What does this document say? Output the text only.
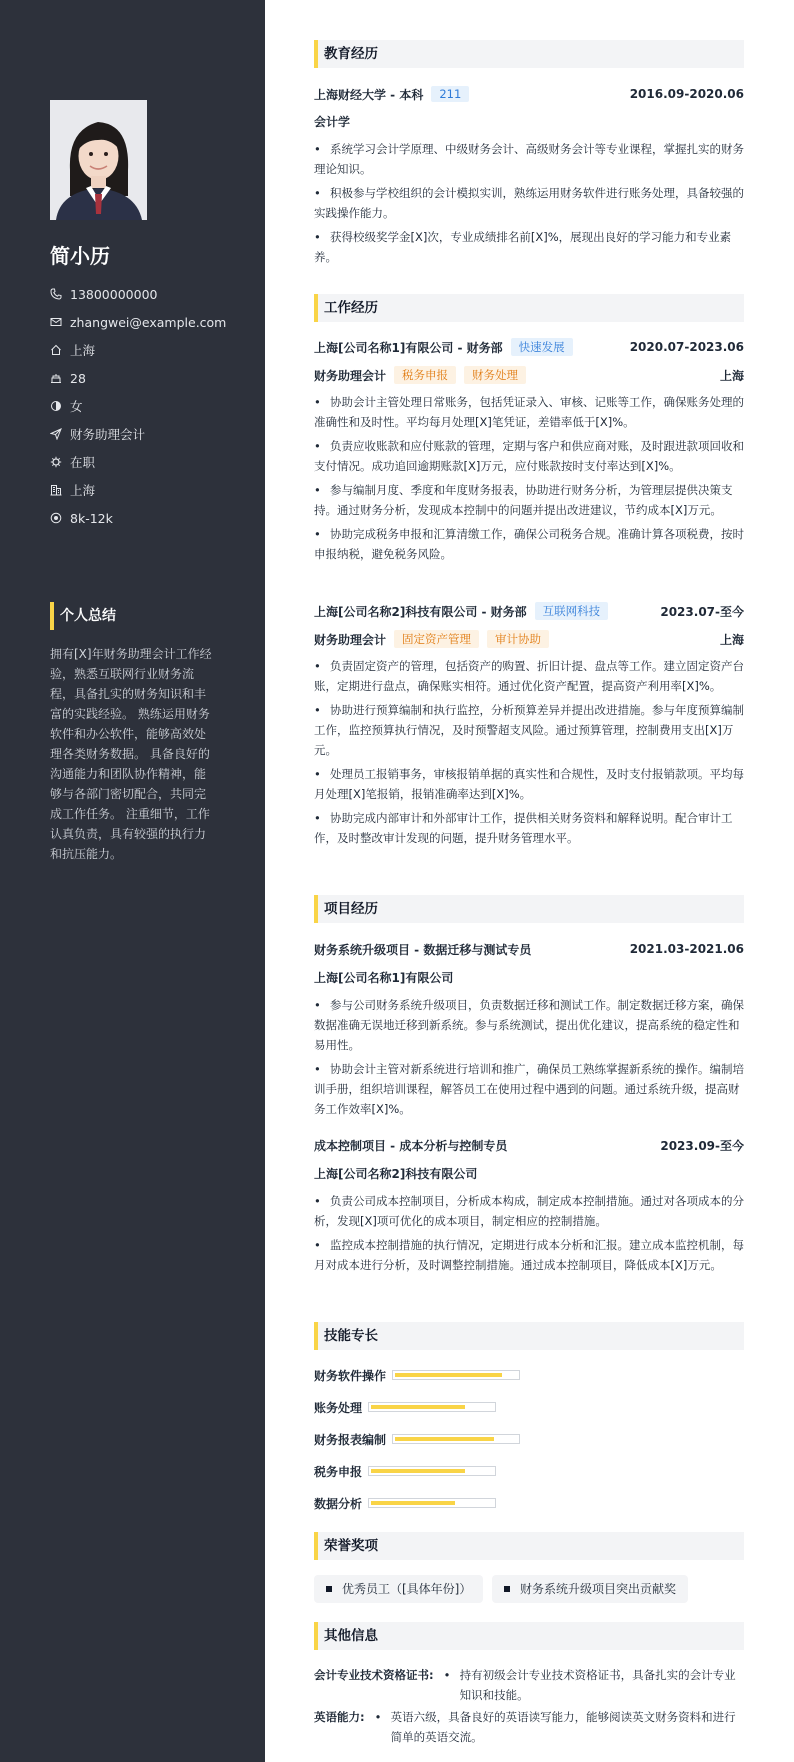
简小历
13800000000
zhangwei@example.com
上海
28
女
财务助理会计
在职
上海
8k-12k
个人总结
拥有[X]年财务助理会计工作经验，熟悉互联网行业财务流程，具备扎实的财务知识和丰富的实践经验。 熟练运用财务软件和办公软件，能够高效处理各类财务数据。 具备良好的沟通能力和团队协作精神，能够与各部门密切配合，共同完成工作任务。 注重细节，工作认真负责，具有较强的执行力和抗压能力。
教育经历
上海财经大学 - 本科	211	2016.09-2020.06
会计学
• 系统学习会计学原理、中级财务会计、高级财务会计等专业课程，掌握扎实的财务理论知识。
• 积极参与学校组织的会计模拟实训，熟练运用财务软件进行账务处理，具备较强的实践操作能力。
• 获得校级奖学金[X]次，专业成绩排名前[X]%，展现出良好的学习能力和专业素养。
工作经历
上海[公司名称1]有限公司 - 财务部	快速发展	2020.07-2023.06
财务助理会计	税务申报	财务处理	上海
• 协助会计主管处理日常账务，包括凭证录入、审核、记账等工作，确保账务处理的准确性和及时性。平均每月处理[X]笔凭证，差错率低于[X]%。
• 负责应收账款和应付账款的管理，定期与客户和供应商对账，及时跟进款项回收和支付情况。成功追回逾期账款[X]万元，应付账款按时支付率达到[X]%。
• 参与编制月度、季度和年度财务报表，协助进行财务分析，为管理层提供决策支持。通过财务分析，发现成本控制中的问题并提出改进建议，节约成本[X]万元。
• 协助完成税务申报和汇算清缴工作，确保公司税务合规。准确计算各项税费，按时申报纳税，避免税务风险。
上海[公司名称2]科技有限公司 - 财务部	互联网科技	2023.07-至今
财务助理会计	固定资产管理	审计协助	上海
• 负责固定资产的管理，包括资产的购置、折旧计提、盘点等工作。建立固定资产台账，定期进行盘点，确保账实相符。通过优化资产配置，提高资产利用率[X]%。
• 协助进行预算编制和执行监控，分析预算差异并提出改进措施。参与年度预算编制工作，监控预算执行情况，及时预警超支风险。通过预算管理，控制费用支出[X]万元。
• 处理员工报销事务，审核报销单据的真实性和合规性，及时支付报销款项。平均每月处理[X]笔报销，报销准确率达到[X]%。
• 协助完成内部审计和外部审计工作，提供相关财务资料和解释说明。配合审计工作，及时整改审计发现的问题，提升财务管理水平。
项目经历
财务系统升级项目 - 数据迁移与测试专员	2021.03-2021.06
上海[公司名称1]有限公司
• 参与公司财务系统升级项目，负责数据迁移和测试工作。制定数据迁移方案，确保数据准确无误地迁移到新系统。参与系统测试，提出优化建议，提高系统的稳定性和易用性。
• 协助会计主管对新系统进行培训和推广，确保员工熟练掌握新系统的操作。编制培训手册，组织培训课程，解答员工在使用过程中遇到的问题。通过系统升级，提高财务工作效率[X]%。
成本控制项目 - 成本分析与控制专员	2023.09-至今
上海[公司名称2]科技有限公司
• 负责公司成本控制项目，分析成本构成，制定成本控制措施。通过对各项成本的分析，发现[X]项可优化的成本项目，制定相应的控制措施。
• 监控成本控制措施的执行情况，定期进行成本分析和汇报。建立成本监控机制，每月对成本进行分析，及时调整控制措施。通过成本控制项目，降低成本[X]万元。
技能专长
财务软件操作
账务处理
财务报表编制
税务申报
数据分析
荣誉奖项
优秀员工（[具体年份]）	财务系统升级项目突出贡献奖
其他信息
会计专业技术资格证书:	• 持有初级会计专业技术资格证书，具备扎实的会计专业知识和技能。
英语能力:	• 英语六级，具备良好的英语读写能力，能够阅读英文财务资料和进行简单的英语交流。
